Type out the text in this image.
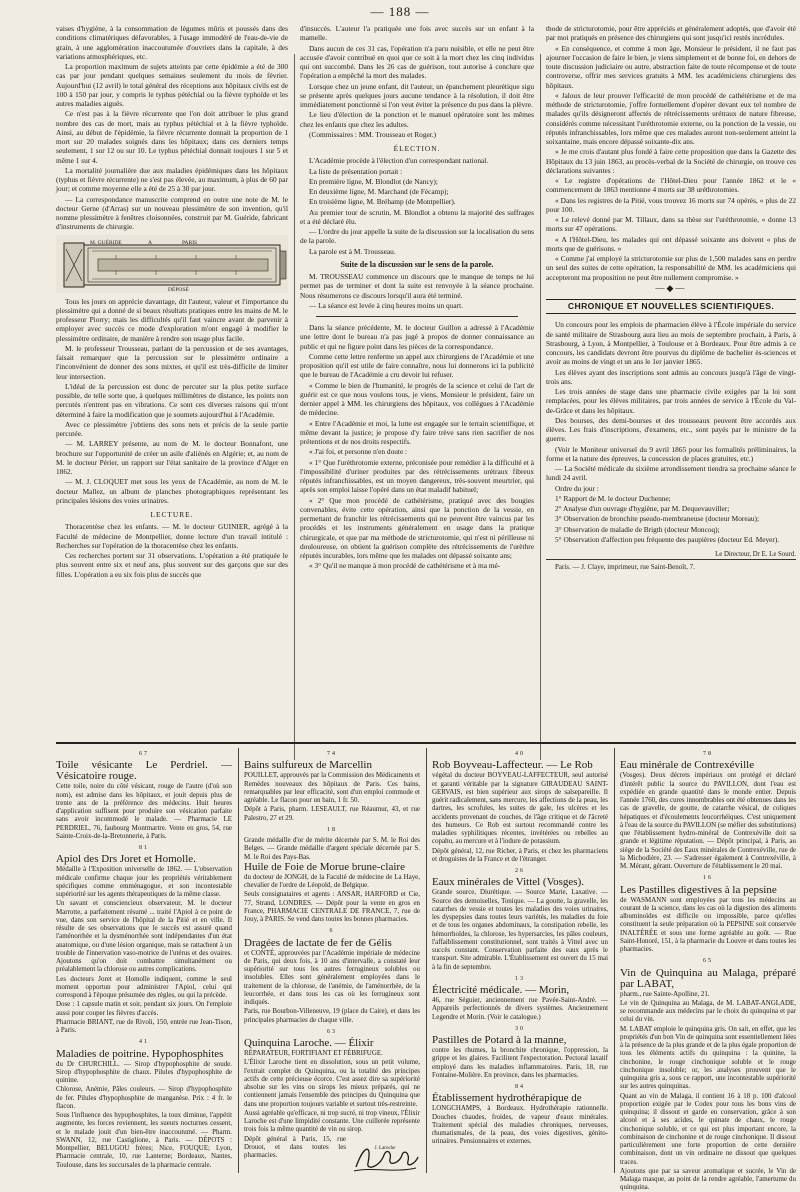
— 188 —

vaises d'hygiène, à la consommation de légumes mûris et poussés dans des conditions climatériques défavorables, à l'usage immodéré de l'eau-de-vie de grain, à une agglomération inaccoutumée d'ouvriers dans la capitale, à des variations atmosphériques, etc.

La proportion maximum de sujets atteints par cette épidémie a été de 300 cas par jour pendant quelques semaines seulement du mois de février. Aujourd'hui (12 avril) le total général des réceptions aux hôpitaux civils est de 100 à 150 par jour, y compris le typhus pétéchial ou la fièvre typhoïde et les autres maladies aiguës.

Ce n'est pas à la fièvre récurrente que l'on doit attribuer le plus grand nombre des cas de mort, mais au typhus pétéchial et à la fièvre typhoïde. Ainsi, au début de l'épidémie, la fièvre récurrente donnait la proportion de 1 mort sur 20 malades soignés dans les hôpitaux; dans ces derniers temps seulement, 1 sur 12 ou sur 10. Le typhus pétéchial donnait toujours 1 sur 5 et même 1 sur 4.

La mortalité journalière due aux maladies épidémiques dans les hôpitaux (typhus et fièvre récurrente) ne s'est pas élevée, au maximum, à plus de 60 par jour; et comme moyenne elle a été de 25 à 30 par jour.

— La correspondance manuscrite comprend en outre une note de M. le docteur Gerne (d'Arras) sur un nouveau plessimètre de son invention, qu'il nomme plessimètre à fenêtres cloisonnées, construit par M. Guéride, fabricant d'instruments de chirurgie.

M. GUÉRIDE	A	PARIS
DÉPOSÉ

Tous les jours on apprécie davantage, dit l'auteur, valeur et l'importance du plessimètre qui a donné de si beaux résultats pratiques entre les mains de M. le professeur Piorry; mais les difficultés qu'il faut vaincre avant de parvenir à employer avec succès ce mode d'exploration m'ont engagé à modifier le plessimètre ordinaire, de manière à rendre son usage plus facile.

M. le professeur Trousseau, parlant de la percussion et de ses avantages, faisait remarquer que la percussion sur le plessimètre ordinaire a l'inconvénient de donner des sons mixtes, et qu'il est très-difficile de limiter leur intersection.

L'idéal de la percussion est donc de percuter sur la plus petite surface possible, de telle sorte que, à quelques millimètres de distance, les points non percutés n'entrent pas en vibrations. Ce sont ces diverses raisons qui m'ont déterminé à faire la modification que je soumets aujourd'hui à l'Académie.

Avec ce plessimètre j'obtiens des sons nets et précis de la seule partie percutée.

— M. LARREY présente, au nom de M. le docteur Bonnafont, une brochure sur l'opportunité de créer un asile d'aliénés en Algérie; et, au nom de M. le docteur Périer, un rapport sur l'état sanitaire de la province d'Alger en 1862.

— M. J. CLOQUET met sous les yeux de l'Académie, au nom de M. le docteur Mallez, un album de planches photographiques représentant les principales lésions des voies urinaires.

LECTURE.

Thoracentèse chez les enfants. — M. le docteur GUINIER, agrégé à la Faculté de médecine de Montpellier, donne lecture d'un travail intitulé : Recherches sur l'opération de la thoracentèse chez les enfants.

Ces recherches portent sur 31 observations. L'opération a été pratiquée le plus souvent entre six et neuf ans, plus souvent sur des garçons que sur des filles. L'opération a eu six fois plus de succès que

d'insuccès. L'auteur l'a pratiquée une fois avec succès sur un enfant à la mamelle.

Dans aucun de ces 31 cas, l'opération n'a paru nuisible, et elle ne peut être accusée d'avoir contribué en quoi que ce soit à la mort chez les cinq individus qui ont succombé. Dans les 26 cas de guérison, tout autorise à conclure que l'opération a empêché la mort des malades.

Lorsque chez un jeune enfant, dit l'auteur, un épanchement pleurétique sigu se présente après quelques jours aucune tendance à la résolution, il doit être immédiatement ponctionné si l'on veut éviter la présence du pus dans la plèvre.

Le lieu d'élection de la ponction et le manuel opératoire sont les mêmes chez les enfants que chez les adultes.

(Commissaires : MM. Trousseau et Roger.)

ÉLECTION.

L'Académie procède à l'élection d'un correspondant national.

La liste de présentation portait :

En première ligne, M. Blondlot (de Nancy);

En deuxième ligne, M. Marchand (de Fécamp);

En troisième ligne, M. Bréhamp (de Montpellier).

Au premier tour de scrutin, M. Blondlot a obtenu la majorité des suffrages et a été déclaré élu.

— L'ordre du jour appelle la suite de la discussion sur la localisation du sens de la parole.

La parole est à M. Trousseau.

Suite de la discussion sur le sens de la parole.

M. TROUSSEAU commence un discours que le manque de temps ne lui permet pas de terminer et dont la suite est renvoyée à la séance prochaine. Nous résumerons ce discours lorsqu'il aura été terminé.

— La séance est levée à cinq heures moins un quart.

Dans la séance précédente, M. le docteur Guillon a adressé à l'Académie une lettre dont le bureau n'a pas jugé à propos de donner connaissance au public et qui ne figure point dans les pièces de la correspondance.

Comme cette lettre renferme un appel aux chirurgiens de l'Académie et une proposition qu'il est utile de faire connaître, nous lui donnerons ici la publicité que le bureau de l'Académie a cru devoir lui refuser.

« Comme le bien de l'humanité, le progrès de la science et celui de l'art de guérir est ce que nous voulons tous, je viens, Monsieur le président, faire un dernier appel à MM. les chirurgiens des hôpitaux, vos collègues à l'Académie de médecine.

« Entre l'Académie et moi, la lutte est engagée sur le terrain scientifique, et même devant la justice; je propose d'y faire trève sans rien sacrifier de nos prétentions et de nos droits respectifs.

« J'ai foi, et personne n'en doute :

« 1° Que l'uréthrotomie externe, préconisée pour remédier à la difficulté et à l'impossibilité d'uriner produites par des rétrécissements urétraux fibreux réputés infranchissables, est un moyen dangereux, très-souvent meurtrier, qui après son emploi laisse l'opéré dans un état maladif habituel;

« 2° Que mon procédé de cathétérisme, pratiqué avec des bougies convenables, évite cette opération, ainsi que la ponction de la vessie, en permettant de franchir les rétrécissements qui ne peuvent être vaincus par les procédés et les instruments généralement en usage dans la pratique chirurgicale, et que par ma méthode de stricturotomie, qui n'est ni périlleuse ni douloureuse, on obtient la guérison complète des rétrécissements de l'urèthre réputés incurables, lors même que les malades ont dépassé soixante ans;

« 3° Qu'il ne manque à mon procédé de cathétérisme et à ma mé-

thode de stricturotomie, pour être appréciés et généralement adoptés, que d'avoir été par moi pratiqués en présence des chirurgiens qui sont jusqu'ici restés incrédules.

« En conséquence, et comme à mon âge, Monsieur le président, il ne faut pas ajourner l'occasion de faire le bien, je viens simplement et de bonne foi, en dehors de toute discussion judiciaire ou autre, abstraction faite de toute récompense et de toute controverse, offrir mes services gratuits à MM. les académiciens chirurgiens des hôpitaux.

« Jaloux de leur prouver l'efficacité de mon procédé de cathétérisme et de ma méthode de stricturotomie, j'offre formellement d'opérer devant eux tel nombre de malades qu'ils désigneront affectés de rétrécissements urétraux de nature fibreuse, considérés comme nécessitant l'uréthrotomie externe, ou la ponction de la vessie, ou réputés infranchissables, lors même que ces malades auront non-seulement atteint la soixantaine, mais encore dépassé soixante-dix ans.

» Je me crois d'autant plus fondé à faire cette proposition que dans la Gazette des Hôpitaux du 13 juin 1863, au procès-verbal de la Société de chirurgie, on trouve ces déclarations suivantes :

« Le registre d'opérations de l'Hôtel-Dieu pour l'année 1862 et le « commencement de 1863 mentionne 4 morts sur 38 uréthrotomies.

« Dans les registres de la Pitié, vous trouvez 16 morts sur 74 opérés, « plus de 22 pour 100.

« Le relevé donné par M. Tillaux, dans sa thèse sur l'uréthrotomie, « donne 13 morts sur 47 opérations.

« A l'Hôtel-Dieu, les malades qui ont dépassé soixante ans doivent « plus de morts que de guérisons. »

« Comme j'ai employé la stricturotomie sur plus de 1,500 malades sans en perdre un seul des suites de cette opération, la responsabilité de MM. les académiciens qui accepteront ma proposition ne peut être nullement compromise. »

—◆—
CHRONIQUE ET NOUVELLES SCIENTIFIQUES.

Un concours pour les emplois de pharmacien élève à l'École impériale du service de santé militaire de Strasbourg aura lieu au mois de septembre prochain, à Paris, à Strasbourg, à Lyon, à Montpellier, à Toulouse et à Bordeaux. Pour être admis à ce concours, les candidats devront être pourvus du diplôme de bachelier ès-sciences et avoir au moins de vingt et un ans le 1er janvier 1865.

Les élèves ayant des inscriptions sont admis au concours jusqu'à l'âge de vingt-trois ans.

Les trois années de stage dans une pharmacie civile exigées par la loi sont remplacées, pour les élèves militaires, par trois années de service à l'École du Val-de-Grâce et dans les hôpitaux.

Des bourses, des demi-bourses et des trousseaux peuvent être accordés aux élèves. Les frais d'inscriptions, d'examens, etc., sont payés par le ministre de la guerre.

(Voir le Moniteur universel du 9 avril 1865 pour les formalités préliminaires, la forme et la nature des épreuves, la concession de places gratuites, etc.)

— La Société médicale du sixième arrondissement tiendra sa prochaine séance le lundi 24 avril.

Ordre du jour :

1° Rapport de M. le docteur Duchenne;

2° Analyse d'un ouvrage d'hygiène, par M. Dequevauviller;

3° Observation de bronchite pseudo-membraneuse (docteur Moreau);

3° Observation de maladie de Brigth (docteur Moncoq);

5° Observation d'affection peu fréquente des paupières (docteur Ed. Meyer).

Le Directeur, Dr E. Le Sourd.

Paris. — J. Claye, imprimeur, rue Saint-Benoît, 7.

67
Toile vésicante Le Perdriel. — Vésicatoire rouge.

Cette toile, noire du côté vésicant, rouge de l'autre (d'où son nom), est admise dans les hôpitaux, et jouit depuis plus de trente ans de la préférence des médecins. Huit heures d'application suffisent pour produire son vésication parfaite sans avoir incommodé le malade. — Pharmacie LE PERDRIEL, 76, faubourg Montmartre. Vente en gros, 54, rue Sainte-Croix-de-la-Bretonnerie, à Paris.

81
Apiol des Drs Joret et Homolle.

Médaille à l'Exposition universelle de 1862. — L'observation médicale confirme chaque jour les propriétés véritablement spécifiques comme emménagogue, et son incontestable supériorité sur les agents thérapeutiques de la même classe.

Un savant et consciencieux observateur, M. le docteur Marrotte, a parfaitement résumé ... traité l'Apiol à ce point de vue, dans son service de l'hôpital de la Pitié et en ville. Il résulte de ses observations que le succès est assuré quand l'aménorrhée et la dysménorrhée sont indépendantes d'un état anatomique, ou d'une lésion organique, mais se rattachent à un trouble de l'innervation vaso-motrice de l'utérus et des ovaires. Ajoutons qu'on doit combattre simultanément ou préalablement la chlorose ou autres complications.

Les docteurs Joret et Homolle indiquent, comme le seul moment opportun pour administrer l'Apiol, celui qui correspond à l'époque présumée des règles, ou qui la précède.

Dose : 1 capsule matin et soir, pendant six jours. On l'emploie aussi pour couper les fièvres d'accès.

Pharmacie BRIANT, rue de Rivoli, 150, entrée rue Jean-Tison, à Paris.

41
Maladies de poitrine. Hypophosphites

du Dr CHURCHILL. — Sirop d'hypophosphite de soude. Sirop d'hypophosphite de chaux. Pilules d'hypophosphite de quinine.

Chlorose, Anémie, Pâles couleurs. — Sirop d'hypophosphite de fer. Pilules d'hypophosphite de manganèse. Prix : 4 fr. le flacon.

Sous l'influence des hypophosphites, la toux diminue, l'appétit augmente, les forces reviennent, les sueurs nocturnes cessent, et le malade jouit d'un bien-être inaccoutumé. — Pharm. SWANN, 12, rue Castiglione, à Paris. — DÉPOTS : Montpellier, BELUGOU frères; Nice, FOUQUE; Lyon, Pharmacie centrale, 10, rue Lanterne; Bordeaux, Nantes, Toulouse, dans les succursales de la pharmacie centrale.

74
Bains sulfureux de Marcellin

POUILLET, approuvés par la Commission des Médicaments et Remèdes nouveaux des hôpitaux de Paris. Ces bains, remarquables par leur efficacité, sont d'un emploi commode et agréable. Le flacon pour un bain, 1 fr. 50.

Dépôt à Paris, pharm. LESEAULT, rue Réaumur, 43, et rue Palestro, 27 et 29.

18

Grande médaille d'or de mérite décernée par S. M. le Roi des Belges. — Grande médaille d'argent spéciale décernée par S. M. le Roi des Pays-Bas.

Huile de Foie de Morue brune-claire

du docteur de JONGH, de la Faculté de médecine de La Haye, chevalier de l'ordre de Léopold, de Belgique.

Seuls consignataires et agents : ANSAR, HARFORD et Cie, 77, Strand, LONDRES. — Dépôt pour la vente en gros en France, PHARMACIE CENTRALE DE FRANCE, 7, rue de Jouy, à PARIS. Se vend dans toutes les bonnes pharmacies.

6
Dragées de lactate de fer de Gélis

et CONTÉ, approuvées par l'Académie impériale de médecine de Paris, qui deux fois, à 10 ans d'intervalle, a constaté leur supériorité sur tous les autres ferrugineux solubles ou insolubles. Elles sont généralement employées dans le traitement de la chlorose, de l'anémie, de l'aménorrhée, de la leucorrhée, et dans tous les cas où les ferrugineux sont indiqués.

Paris, rue Bourbon-Villeneuve, 19 (place du Caire), et dans les principales pharmacies de chaque ville.

63
Quinquina Laroche. — Élixir

RÉPARATEUR, FORTIFIANT ET FÉBRIFUGE.

L'Élixir Laroche tient en dissolution, sous un petit volume, l'extrait complet du Quinquina, ou la totalité des principes actifs de cette précieuse écorce. C'est assez dire sa supériorité absolue sur les vins ou sirops les mieux préparés, qui ne contiennent jamais l'ensemble des principes du Quinquina que dans une proportion toujours variable et surtout très-restreinte.

Aussi agréable qu'efficace, ni trop sucré, ni trop vineux, l'Élixir Laroche est d'une limpidité constante. Une cuillerée représente trois fois la même quantité de vin ou sirop.

J. Laroche

Dépôt général à Paris, 15, rue Drouot, et dans toutes les pharmacies.

40
Rob Boyveau-Laffecteur. — Le Rob

végétal du docteur BOYVEAU-LAFFECTEUR, seul autorisé et garanti véritable par la signature GIRAUDEAU SAINT-GERVAIS, est bien supérieur aux sirops de salsepareille. Il guérit radicalement, sans mercure, les affections de la peau, les dartres, les scrofules, les suites de gale, les ulcères et les accidents provenant de couches, de l'âge critique et de l'âcreté des humeurs. Ce Rob est surtout recommandé contre les maladies syphilitiques récentes, invétérées ou rebelles au copahu, au mercure et à l'iodure de potassium.

Dépôt général, 12, rue Richer, à Paris, et chez les pharmaciens et droguistes de la France et de l'étranger.

26
Eaux minérales de Vittel (Vosges).

Grande source, Diurétique. — Source Marie, Laxative. — Source des demoiselles, Tonique. — La goutte, la gravelle, les catarrhes de vessie et toutes les maladies des voies urinaires, les dyspepsies dans toutes leurs variétés, les maladies du foie et de tous les organes abdominaux, la constipation rebelle, les hémorrhoïdes, la chlorose, les hypersarcies, les pâles couleurs, l'affaiblissement constitutionnel, sont traités à Vittel avec un succès constant. Conservation parfaite des eaux après le transport. Site admirable. L'Établissement est ouvert du 15 mai à la fin de septembre.

13
Électricité médicale. — Morin,

46, rue Séguier, anciennement rue Pavée-Saint-André. — Appareils perfectionnés de divers systèmes. Anciennement Legendre et Morin. (Voir le catalogue.)

30
Pastilles de Potard à la manne,

contre les rhumes, la bronchite chronique, l'oppression, la grippe et les glaires. Facilitent l'expectoration. Pectoral laxatif employé dans les maladies inflammatoires. Paris, 18, rue Fontaine-Molière. En province, dans les pharmacies.

84
Établissement hydrothérapique de

LONGCHAMPS, à Bordeaux. Hydrothérapie rationnelle. Douches chaudes, froides, de vapeur d'eaux minérales. Traitement spécial des maladies chroniques, nerveuses, rhumatismales, de la peau, des voies digestives, génito-urinaires. Pensionnaires et externes.

78
Eau minérale de Contrexéville

(Vosges). Deux décrets impériaux ont protégé et déclaré d'intérêt public la source du PAVILLON, dont l'eau est expédiée en grande quantité dans le monde entier. Depuis l'année 1760, des cures innombrables ont été obtenues dans les cas de gravelle, de goutte, de catarrhe vésical, de coliques hépatiques et d'écoulements leucorrhéiques. C'est uniquement à l'eau de la source du PAVILLON (se méfier des substitutions) que l'établissement hydro-minéral de Contrexéville doit sa grande et légitime réputation. — Dépôt principal, à Paris, au siège de la Société des Eaux minérales de Contrexéville, rue de la Michodière, 23. — S'adresser également à Contrexéville, à M. Mérant, gérant. Ouverture de l'établissement le 20 mai.

16
Les Pastilles digestives à la pepsine

de WASMANN sont employées par tous les médecins au courant de la science, dans les cas où la digestion des aliments albuminoïdes est difficile ou impossible, parce qu'elles constituent la seule préparation où la PEPSINE soit conservée INALTÉRÉE et sous une forme agréable au goût. — Rue Saint-Honoré, 151, à la pharmacie du Louvre et dans toutes les pharmacies.

65
Vin de Quinquina au Malaga, préparé par LABAT,

pharm., rue Sainte-Apolline, 21.

Le vin de Quinquina au Malaga, de M. LABAT-ANGLADE, se recommande aux médecins par le choix du quinquina et par celui du vin.

M. LABAT emploie le quinquina gris. On sait, en effet, que les propriétés d'un bon Vin de quinquina sont essentiellement liées à la présence de la plus grande et de la plus égale proportion de tous les éléments actifs du quinquina : la quinine, la cinchonine, le rouge cinchonique soluble et le rouge cinchonique insoluble; or, les analyses prouvent que le quinquina gris a, sous ce rapport, une incontestable supériorité sur les autres quinquinas.

Quant au vin de Malaga, il contient 16 à 18 p. 100 d'alcool proportion exigée par le Codex pour tous les bons vins de quinquina; il dissout et garde en conservation, grâce à son alcool et à ses acides, le quinate de chaux, le rouge cinchonique soluble, et ce qui est plus important encore, la combinaison de cinchonine et de rouge cinchonique. Il dissout particulièrement une forte proportion de cette dernière combinaison, dont un vin ordinaire ne dissout que quelques traces.

Ajoutons que par sa saveur aromatique et sucrée, le Vin de Malaga masque, au point de la rendre agréable, l'amertume du quinquina.
